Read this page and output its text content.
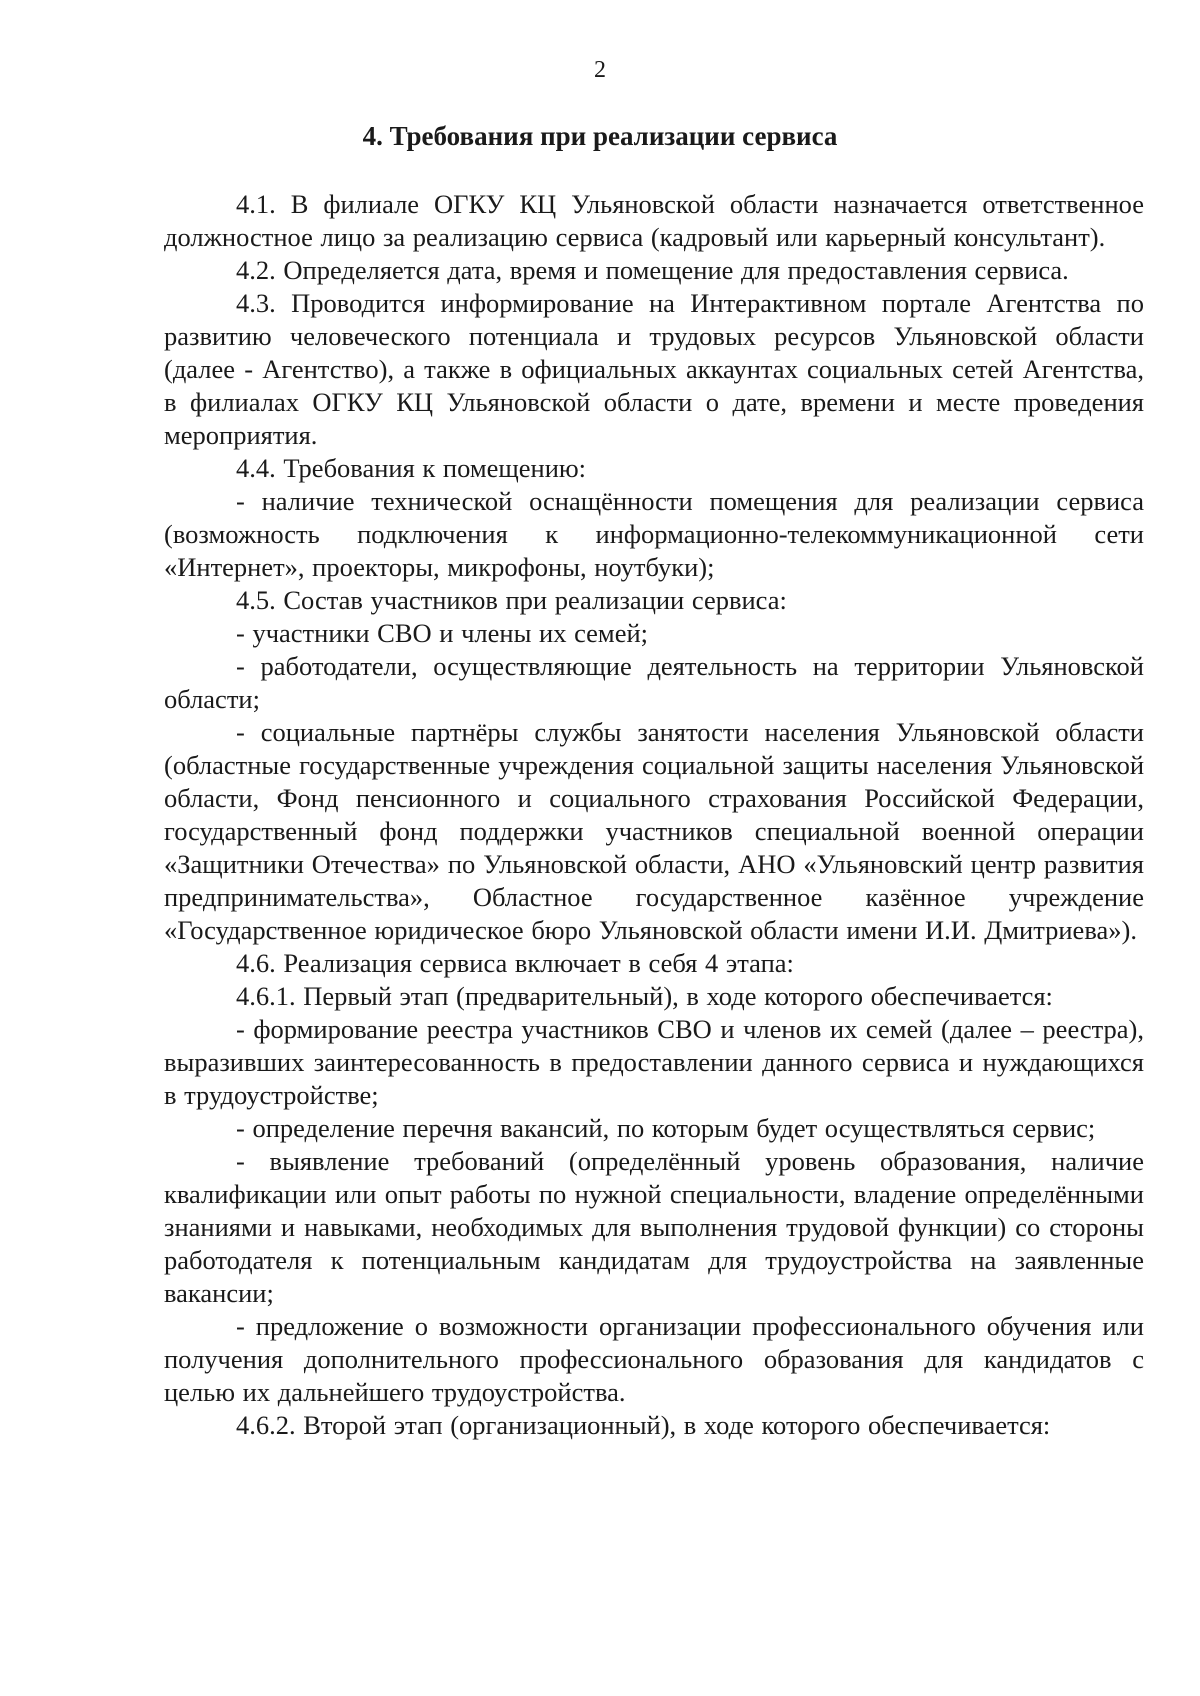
2
4. Требования при реализации сервиса

4.1. В филиале ОГКУ КЦ Ульяновской области назначается ответственное должностное лицо за реализацию сервиса (кадровый или карьерный консультант).

4.2. Определяется дата, время и помещение для предоставления сервиса.

4.3. Проводится информирование на Интерактивном портале Агентства по развитию человеческого потенциала и трудовых ресурсов Ульяновской области (далее - Агентство), а также в официальных аккаунтах социальных сетей Агентства, в филиалах ОГКУ КЦ Ульяновской области о дате, времени и месте проведения мероприятия.

4.4. Требования к помещению:

- наличие технической оснащённости помещения для реализации сервиса (возможность подключения к информационно-телекоммуникационной сети «Интернет», проекторы, микрофоны, ноутбуки);

4.5. Состав участников при реализации сервиса:

- участники СВО и члены их семей;

- работодатели, осуществляющие деятельность на территории Ульяновской области;

- социальные партнёры службы занятости населения Ульяновской области (областные государственные учреждения социальной защиты населения Ульяновской области, Фонд пенсионного и социального страхования Российской Федерации, государственный фонд поддержки участников специальной военной операции «Защитники Отечества» по Ульяновской области, АНО «Ульяновский центр развития предпринимательства», Областное государственное казённое учреждение «Государственное юридическое бюро Ульяновской области имени И.И. Дмитриева»).

4.6. Реализация сервиса включает в себя 4 этапа:

4.6.1. Первый этап (предварительный), в ходе которого обеспечивается:

- формирование реестра участников СВО и членов их семей (далее – реестра), выразивших заинтересованность в предоставлении данного сервиса и нуждающихся в трудоустройстве;

- определение перечня вакансий, по которым будет осуществляться сервис;

- выявление требований (определённый уровень образования, наличие квалификации или опыт работы по нужной специальности, владение определёнными знаниями и навыками, необходимых для выполнения трудовой функции) со стороны работодателя к потенциальным кандидатам для трудоустройства на заявленные вакансии;

- предложение о возможности организации профессионального обучения или получения дополнительного профессионального образования для кандидатов с целью их дальнейшего трудоустройства.

4.6.2. Второй этап (организационный), в ходе которого обеспечивается:
